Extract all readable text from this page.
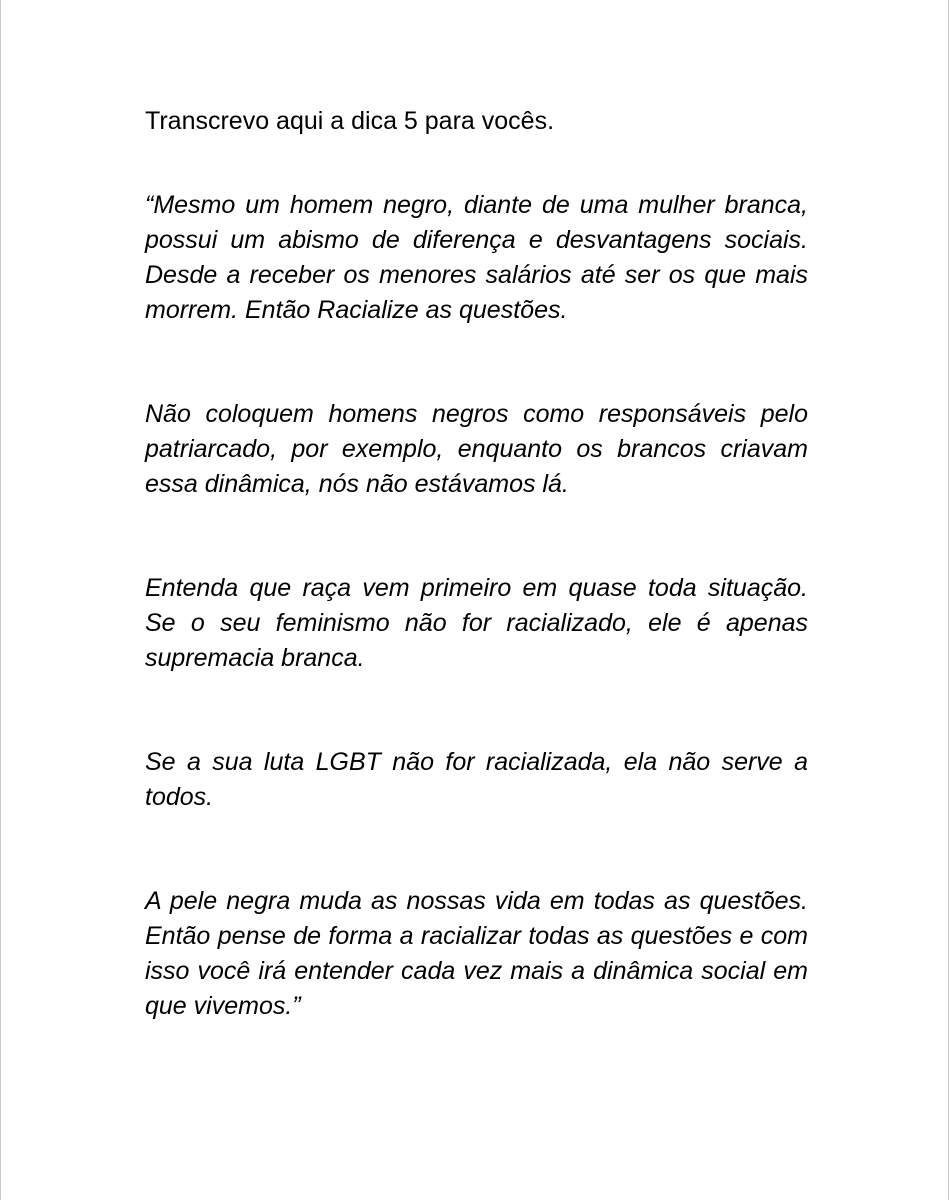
Transcrevo aqui a dica 5 para vocês.

“Mesmo um homem negro, diante de uma mulher branca, possui um abismo de diferença e desvantagens sociais. Desde a receber os menores salários até ser os que mais morrem. Então Racialize as questões.

Não coloquem homens negros como responsáveis pelo patriarcado, por exemplo, enquanto os brancos criavam essa dinâmica, nós não estávamos lá.

Entenda que raça vem primeiro em quase toda situação. Se o seu feminismo não for racializado, ele é apenas supremacia branca.

Se a sua luta LGBT não for racializada, ela não serve a todos.

A pele negra muda as nossas vida em todas as questões. Então pense de forma a racializar todas as questões e com isso você irá entender cada vez mais a dinâmica social em que vivemos.”
